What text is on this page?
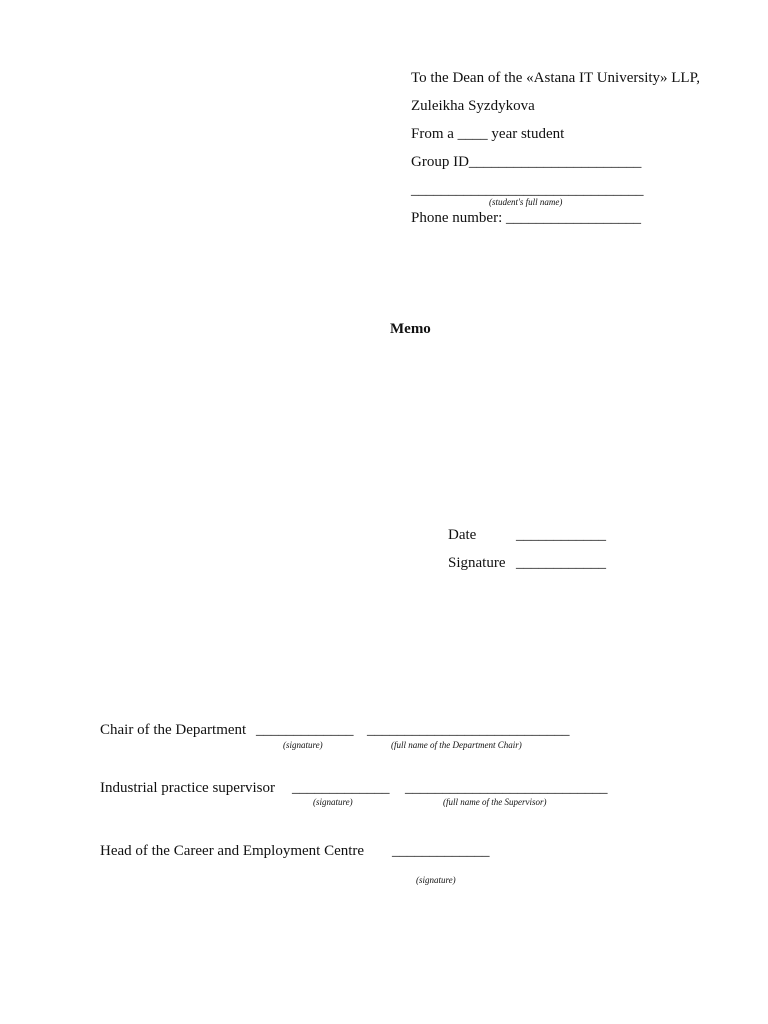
To the Dean of the «Astana IT University» LLP,
Zuleikha Syzdykova
From a ____ year student
Group ID_______________________
_______________________________
(student's full name)
Phone number: __________________
Memo
Date	____________
Signature ____________
Chair of the Department _____________ ___________________________
(signature)	(full name of the Department Chair)
Industrial practice supervisor _____________ ___________________________
(signature)	(full name of the Supervisor)
Head of the Career and Employment Centre _____________
(signature)
